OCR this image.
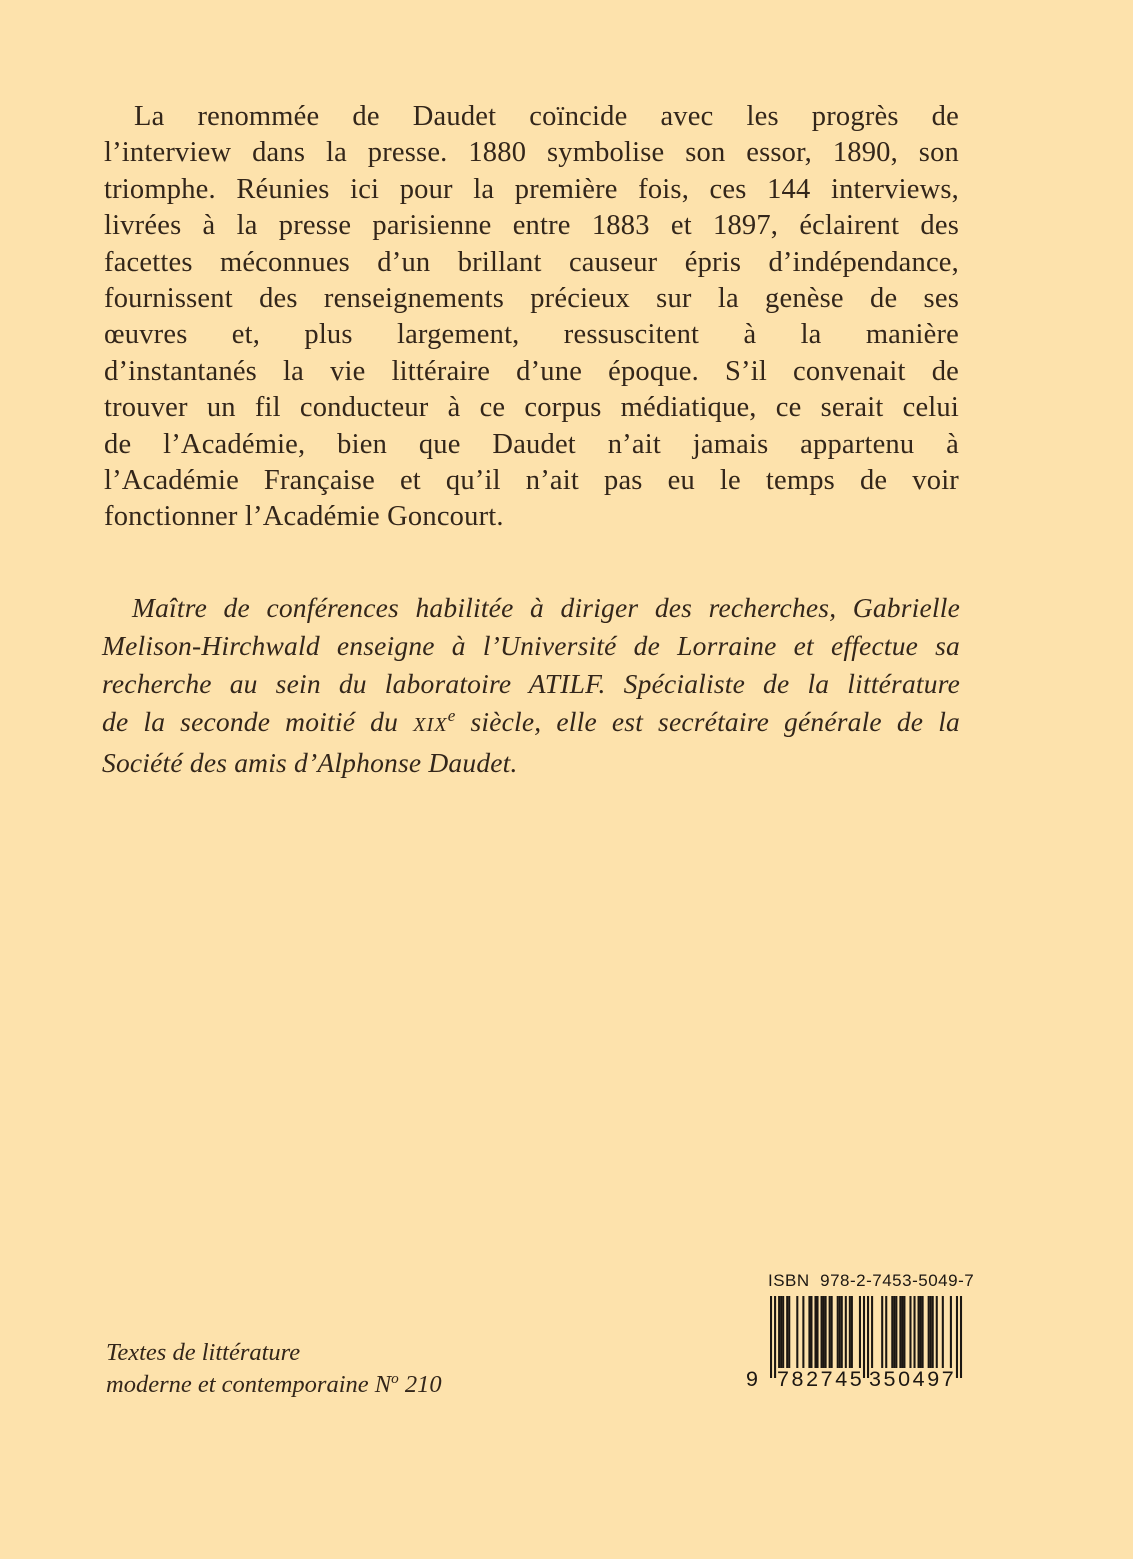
La renommée de Daudet coïncide avec les progrès de
l’interview dans la presse. 1880 symbolise son essor, 1890, son
triomphe. Réunies ici pour la première fois, ces 144 interviews,
livrées à la presse parisienne entre 1883 et 1897, éclairent des
facettes méconnues d’un brillant causeur épris d’indépendance,
fournissent des renseignements précieux sur la genèse de ses
œuvres et, plus largement, ressuscitent à la manière
d’instantanés la vie littéraire d’une époque. S’il convenait de
trouver un fil conducteur à ce corpus médiatique, ce serait celui
de l’Académie, bien que Daudet n’ait jamais appartenu à
l’Académie Française et qu’il n’ait pas eu le temps de voir
fonctionner l’Académie Goncourt.
Maître de conférences habilitée à diriger des recherches, Gabrielle
Melison-Hirchwald enseigne à l’Université de Lorraine et effectue sa
recherche au sein du laboratoire ATILF. Spécialiste de la littérature
de la seconde moitié du XIXe siècle, elle est secrétaire générale de la
Société des amis d’Alphonse Daudet.
Textes de littérature
moderne et contemporaine $N^o$ 210
ISBN  978-2-7453-5049-7
9 782745 350497
